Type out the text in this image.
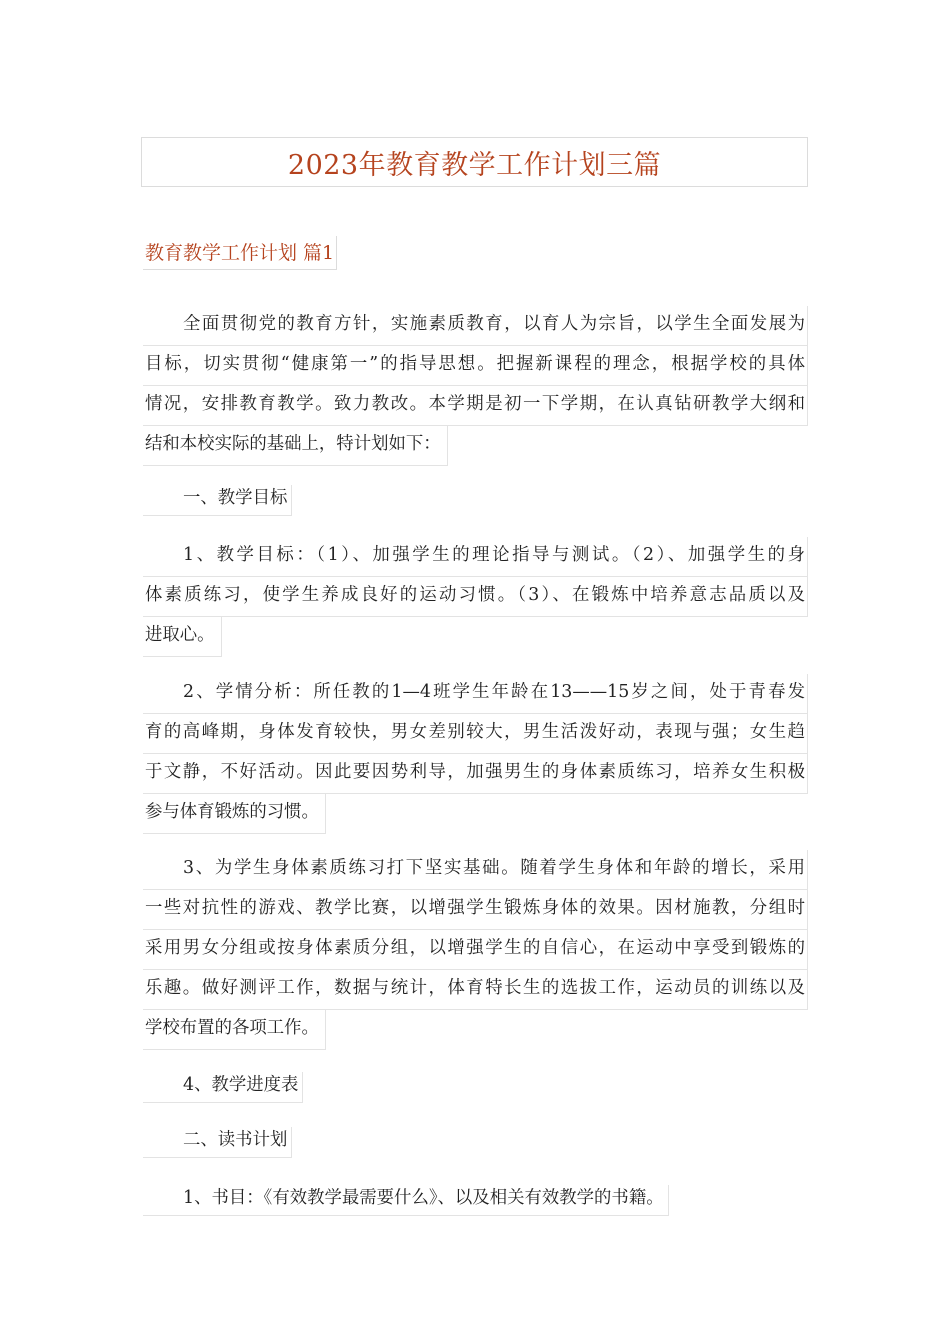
2023年教育教学工作计划三篇
教育教学工作计划 篇1
全面贯彻党的教育方针，实施素质教育，以育人为宗旨，以学生全面发展为
目标，切实贯彻“健康第一”的指导思想。把握新课程的理念，根据学校的具体
情况，安排教育教学。致力教改。本学期是初一下学期，在认真钻研教学大纲和
结和本校实际的基础上，特计划如下：
一、教学目标
1、教学目标：（1）、加强学生的理论指导与测试。（2）、加强学生的身
体素质练习，使学生养成良好的运动习惯。（3）、在锻炼中培养意志品质以及
进取心。
2、学情分析：所任教的1—4班学生年龄在13——15岁之间，处于青春发
育的高峰期，身体发育较快，男女差别较大，男生活泼好动，表现与强；女生趋
于文静，不好活动。因此要因势利导，加强男生的身体素质练习，培养女生积极
参与体育锻炼的习惯。
3、为学生身体素质练习打下坚实基础。随着学生身体和年龄的增长，采用
一些对抗性的游戏、教学比赛，以增强学生锻炼身体的效果。因材施教，分组时
采用男女分组或按身体素质分组，以增强学生的自信心，在运动中享受到锻炼的
乐趣。做好测评工作，数据与统计，体育特长生的选拔工作，运动员的训练以及
学校布置的各项工作。
4、教学进度表
二、读书计划
1、书目：《有效教学最需要什么》、以及相关有效教学的书籍。
